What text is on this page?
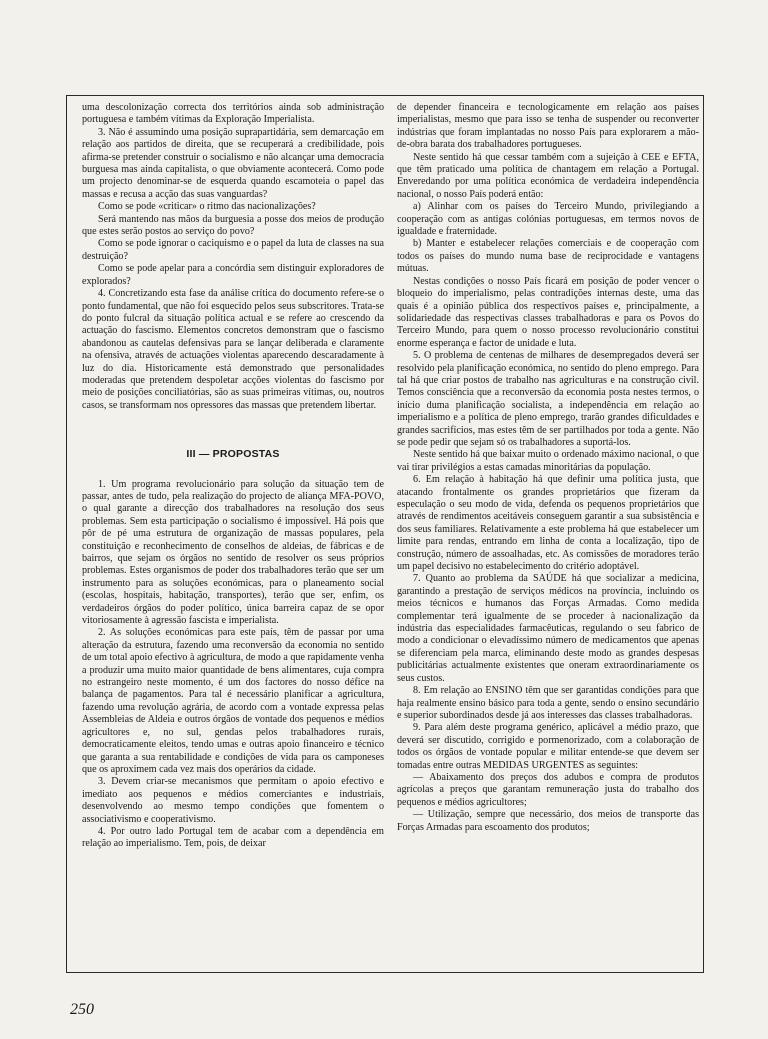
uma descolonização correcta dos territórios ainda sob administração portuguesa e também vítimas da Exploração Imperialista.

3. Não é assumindo uma posição suprapartidária, sem demarcação em relação aos partidos de direita, que se recuperará a credibilidade, pois afirma-se pretender construir o socialismo e não alcançar uma democracia burguesa mas ainda capitalista, o que obviamente acontecerá. Como pode um projecto denominar-se de esquerda quando escamoteia o papel das massas e recusa a acção das suas vanguardas?

Como se pode «criticar» o ritmo das nacionalizações?

Será mantendo nas mãos da burguesia a posse dos meios de produção que estes serão postos ao serviço do povo?

Como se pode ignorar o caciquismo e o papel da luta de classes na sua destruição?

Como se pode apelar para a concórdia sem distinguir exploradores de explorados?

4. Concretizando esta fase da análise crítica do documento refere-se o ponto fundamental, que não foi esquecido pelos seus subscritores. Trata-se do ponto fulcral da situação política actual e se refere ao crescendo da actuação do fascismo. Elementos concretos demonstram que o fascismo abandonou as cautelas defensivas para se lançar deliberada e claramente na ofensiva, através de actuações violentas aparecendo descaradamente à luz do dia. Historicamente está demonstrado que personalidades moderadas que pretendem despoletar acções violentas do fascismo por meio de posições conciliatórias, são as suas primeiras vítimas, ou, noutros casos, se transformam nos opressores das massas que pretendem libertar.

III — PROPOSTAS

1. Um programa revolucionário para solução da situação tem de passar, antes de tudo, pela realização do projecto de aliança MFA-POVO, o qual garante a direcção dos trabalhadores na resolução dos seus problemas. Sem esta participação o socialismo é impossível. Há pois que pôr de pé uma estrutura de organização de massas populares, pela constituição e reconhecimento de conselhos de aldeias, de fábricas e de bairros, que sejam os órgãos no sentido de resolver os seus próprios problemas. Estes organismos de poder dos trabalhadores terão que ser um instrumento para as soluções económicas, para o planeamento social (escolas, hospitais, habitação, transportes), terão que ser, enfim, os verdadeiros órgãos do poder político, única barreira capaz de se opor vitoriosamente à agressão fascista e imperialista.

2. As soluções económicas para este país, têm de passar por uma alteração da estrutura, fazendo uma reconversão da economia no sentido de um total apoio efectivo à agricultura, de modo a que rapidamente venha a produzir uma muito maior quantidade de bens alimentares, cuja compra no estrangeiro neste momento, é um dos factores do nosso défice na balança de pagamentos. Para tal é necessário planificar a agricultura, fazendo uma revolução agrária, de acordo com a vontade expressa pelas Assembleias de Aldeia e outros órgãos de vontade dos pequenos e médios agricultores e, no sul, gendas pelos trabalhadores rurais, democraticamente eleitos, tendo umas e outras apoio financeiro e técnico que garanta a sua rentabilidade e condições de vida para os camponeses que os aproximem cada vez mais dos operários da cidade.

3. Devem criar-se mecanismos que permitam o apoio efectivo e imediato aos pequenos e médios comerciantes e industriais, desenvolvendo ao mesmo tempo condições que fomentem o associativismo e cooperativismo.

4. Por outro lado Portugal tem de acabar com a dependência em relação ao imperialismo. Tem, pois, de deixar

de depender financeira e tecnologicamente em relação aos países imperialistas, mesmo que para isso se tenha de suspender ou reconverter indústrias que foram implantadas no nosso País para explorarem a mão-de-obra barata dos trabalhadores portugueses.

Neste sentido há que cessar também com a sujeição à CEE e EFTA, que têm praticado uma política de chantagem em relação a Portugal. Enveredando por uma política económica de verdadeira independência nacional, o nosso País poderá então:

a) Alinhar com os países do Terceiro Mundo, privilegiando a cooperação com as antigas colónias portuguesas, em termos novos de igualdade e fraternidade.

b) Manter e estabelecer relações comerciais e de cooperação com todos os países do mundo numa base de reciprocidade e vantagens mútuas.

Nestas condições o nosso País ficará em posição de poder vencer o bloqueio do imperialismo, pelas contradições internas deste, uma das quais é a opinião pública dos respectivos países e, principalmente, a solidariedade das respectivas classes trabalhadoras e para os Povos do Terceiro Mundo, para quem o nosso processo revolucionário constitui enorme esperança e factor de unidade e luta.

5. O problema de centenas de milhares de desempregados deverá ser resolvido pela planificação económica, no sentido do pleno emprego. Para tal há que criar postos de trabalho nas agriculturas e na construção civil. Temos consciência que a reconversão da economia posta nestes termos, o início duma planificação socialista, a independência em relação ao imperialismo e a política de pleno emprego, trarão grandes dificuldades e grandes sacrifícios, mas estes têm de ser partilhados por toda a gente. Não se pode pedir que sejam só os trabalhadores a suportá-los.

Neste sentido há que baixar muito o ordenado máximo nacional, o que vai tirar privilégios a estas camadas minoritárias da população.

6. Em relação à habitação há que definir uma política justa, que atacando frontalmente os grandes proprietários que fizeram da especulação o seu modo de vida, defenda os pequenos proprietários que através de rendimentos aceitáveis conseguem garantir a sua subsistência e dos seus familiares. Relativamente a este problema há que estabelecer um limite para rendas, entrando em linha de conta a localização, tipo de construção, número de assoalhadas, etc. As comissões de moradores terão um papel decisivo no estabelecimento do critério adoptável.

7. Quanto ao problema da SAÚDE há que socializar a medicina, garantindo a prestação de serviços médicos na província, incluindo os meios técnicos e humanos das Forças Armadas. Como medida complementar terá igualmente de se proceder à nacionalização da indústria das especialidades farmacêuticas, regulando o seu fabrico de modo a condicionar o elevadíssimo número de medicamentos que apenas se diferenciam pela marca, eliminando deste modo as grandes despesas publicitárias actualmente existentes que oneram extraordinariamente os seus custos.

8. Em relação ao ENSINO têm que ser garantidas condições para que haja realmente ensino básico para toda a gente, sendo o ensino secundário e superior subordinados desde já aos interesses das classes trabalhadoras.

9. Para além deste programa genérico, aplicável a médio prazo, que deverá ser discutido, corrigido e pormenorizado, com a colaboração de todos os órgãos de vontade popular e militar entende-se que devem ser tomadas entre outras MEDIDAS URGENTES as seguintes:

— Abaixamento dos preços dos adubos e compra de produtos agrícolas a preços que garantam remuneração justa do trabalho dos pequenos e médios agricultores;

— Utilização, sempre que necessário, dos meios de transporte das Forças Armadas para escoamento dos produtos;

250
